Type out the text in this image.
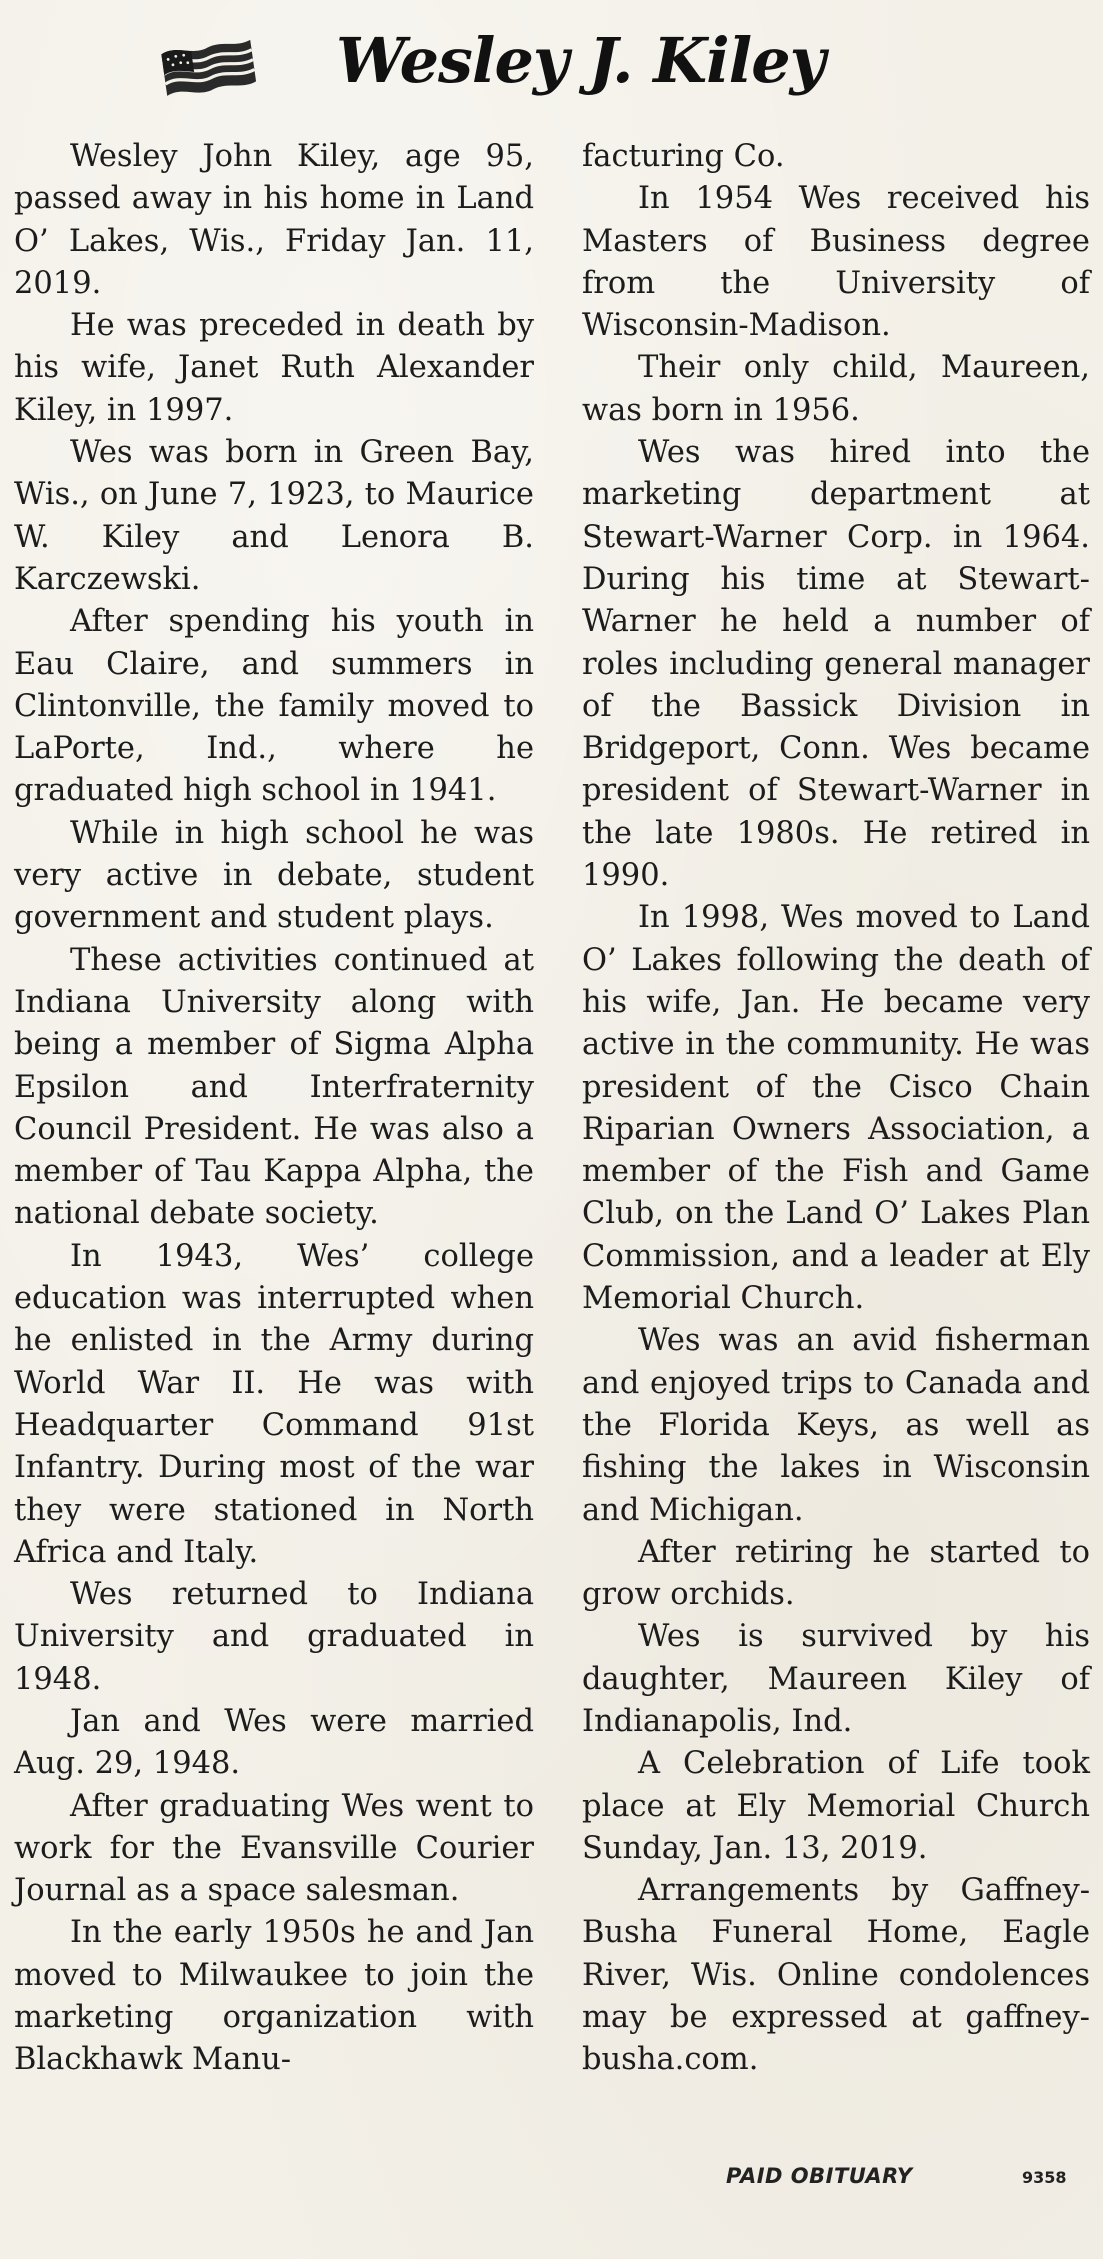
Wesley J. Kiley

Wesley John Kiley, age 95, passed away in his home in Land O’ Lakes, Wis., Friday Jan. 11, 2019.

He was preceded in death by his wife, Janet Ruth Alexander Kiley, in 1997.

Wes was born in Green Bay, Wis., on June 7, 1923, to Maurice W. Kiley and Lenora B. Karczewski.

After spending his youth in Eau Claire, and summers in Clintonville, the family moved to LaPorte, Ind., where he graduated high school in 1941.

While in high school he was very active in debate, student government and student plays.

These activities continued at Indiana University along with being a member of Sigma Alpha Epsilon and Interfraternity Council President. He was also a member of Tau Kappa Alpha, the national debate society.

In 1943, Wes’ college education was interrupted when he enlisted in the Army during World War II. He was with Headquarter Command 91st Infantry. During most of the war they were stationed in North Africa and Italy.

Wes returned to Indiana University and graduated in 1948.

Jan and Wes were married Aug. 29, 1948.

After graduating Wes went to work for the Evansville Courier Journal as a space salesman.

In the early 1950s he and Jan moved to Milwaukee to join the marketing organization with Blackhawk Manu-

facturing Co.

In 1954 Wes received his Masters of Business degree from the University of Wisconsin-Madison.

Their only child, Maureen, was born in 1956.

Wes was hired into the marketing department at Stewart-Warner Corp. in 1964. During his time at Stewart-Warner he held a number of roles including general manager of the Bassick Division in Bridgeport, Conn. Wes became president of Stewart-Warner in the late 1980s. He retired in 1990.

In 1998, Wes moved to Land O’ Lakes following the death of his wife, Jan. He became very active in the community. He was president of the Cisco Chain Riparian Owners Association, a member of the Fish and Game Club, on the Land O’ Lakes Plan Commission, and a leader at Ely Memorial Church.

Wes was an avid fisherman and enjoyed trips to Canada and the Florida Keys, as well as fishing the lakes in Wisconsin and Michigan.

After retiring he started to grow orchids.

Wes is survived by his daughter, Maureen Kiley of Indianapolis, Ind.

A Celebration of Life took place at Ely Memorial Church Sunday, Jan. 13, 2019.

Arrangements by Gaffney-Busha Funeral Home, Eagle River, Wis. Online condolences may be expressed at gaffney-busha.com.

PAID OBITUARY	9358
